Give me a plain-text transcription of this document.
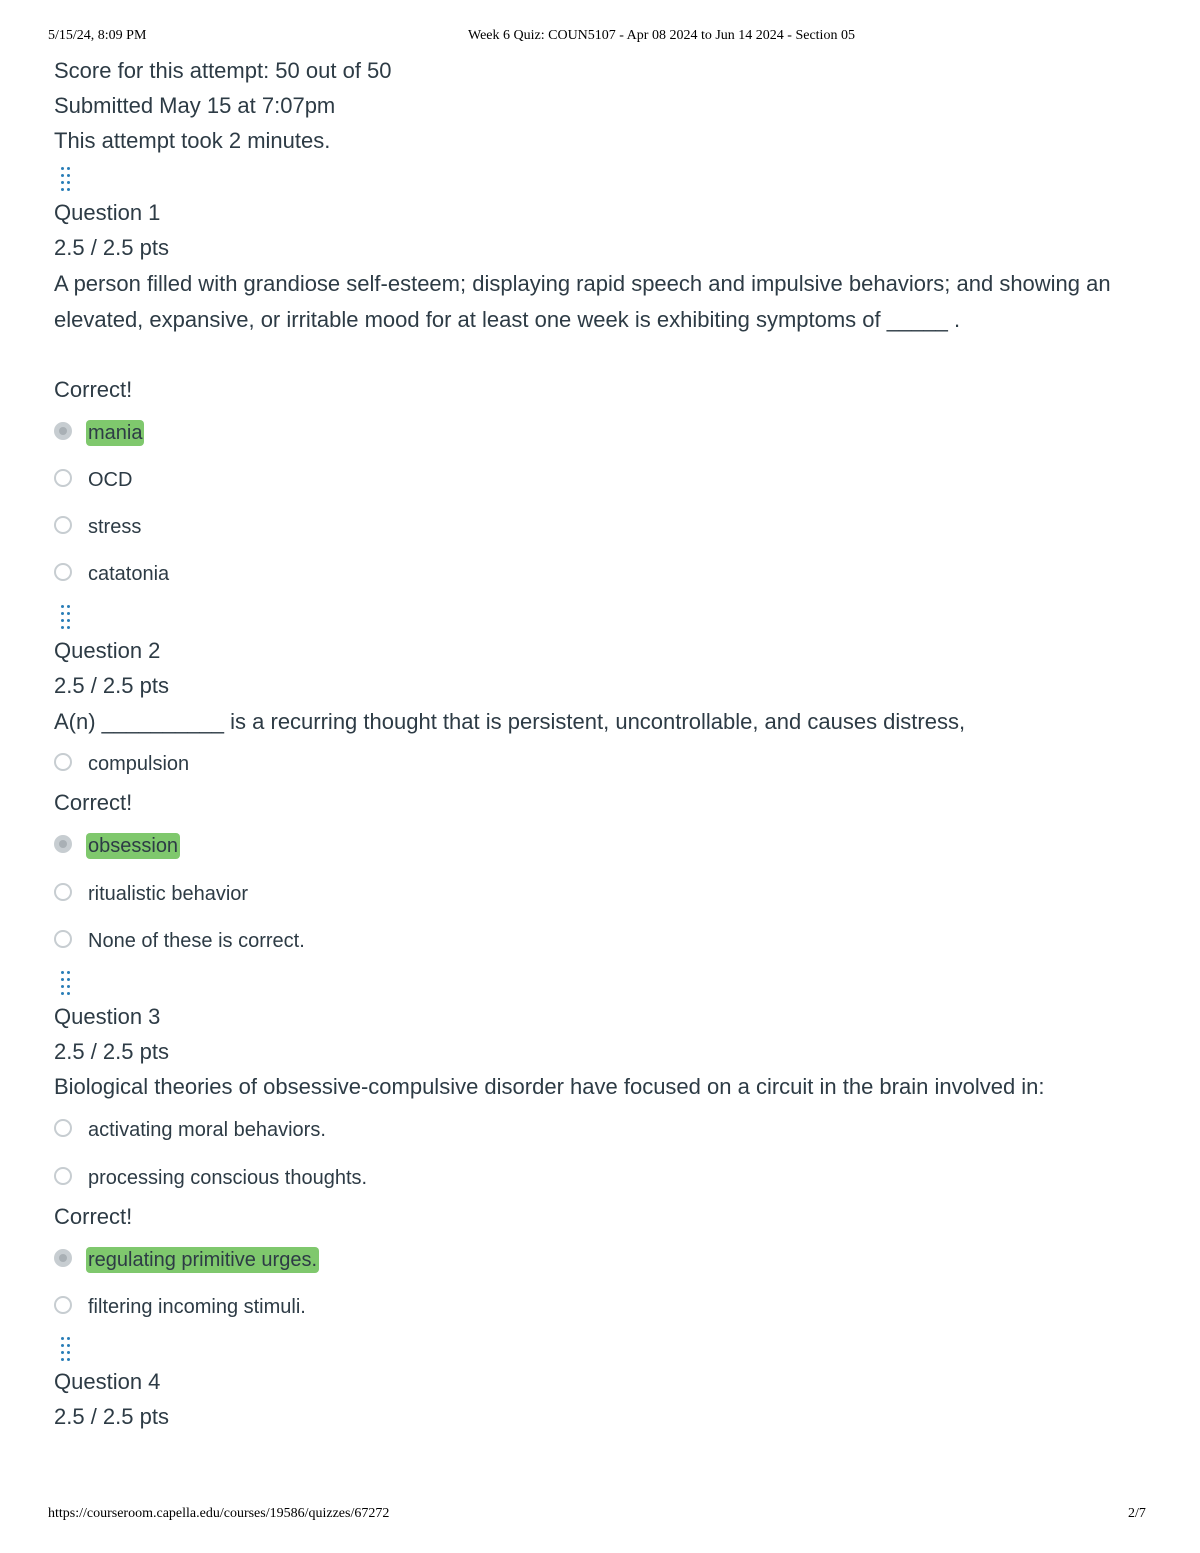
5/15/24, 8:09 PM	Week 6 Quiz: COUN5107 - Apr 08 2024 to Jun 14 2024 - Section 05
Score for this attempt: 50 out of 50
Submitted May 15 at 7:07pm
This attempt took 2 minutes.
Question 1
2.5 / 2.5 pts
A person filled with grandiose self-esteem; displaying rapid speech and impulsive behaviors; and showing an elevated, expansive, or irritable mood for at least one week is exhibiting symptoms of _____ .
Correct!
mania
OCD
stress
catatonia
Question 2
2.5 / 2.5 pts
A(n) __________ is a recurring thought that is persistent, uncontrollable, and causes distress,
compulsion
Correct!
obsession
ritualistic behavior
None of these is correct.
Question 3
2.5 / 2.5 pts
Biological theories of obsessive-compulsive disorder have focused on a circuit in the brain involved in:
activating moral behaviors.
processing conscious thoughts.
Correct!
regulating primitive urges.
filtering incoming stimuli.
Question 4
2.5 / 2.5 pts
https://courseroom.capella.edu/courses/19586/quizzes/67272	2/7
